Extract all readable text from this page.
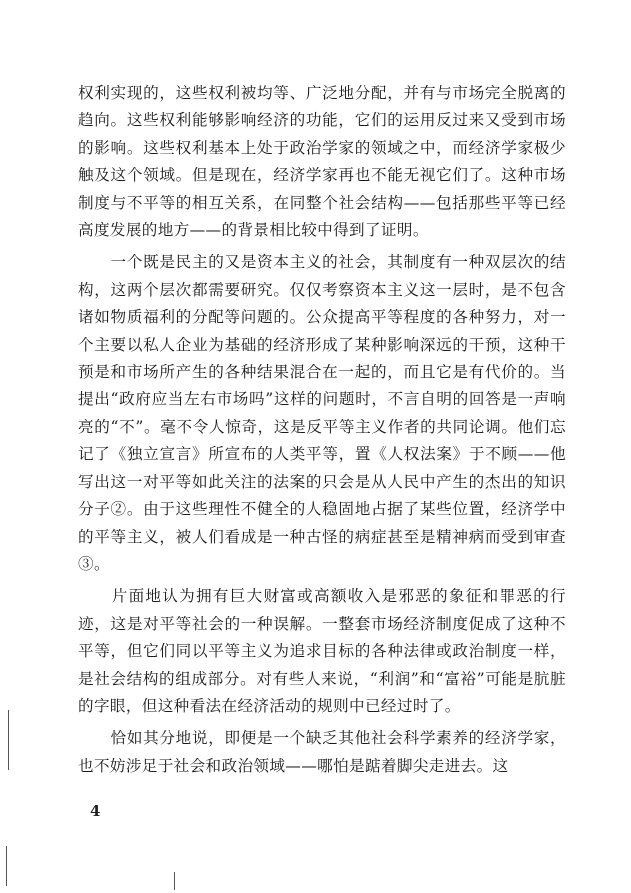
权利实现的，这些权利被均等、广泛地分配，并有与市场完全脱离的趋向。这些权利能够影响经济的功能，它们的运用反过来又受到市场的影响。这些权利基本上处于政治学家的领域之中，而经济学家极少触及这个领域。但是现在，经济学家再也不能无视它们了。这种市场制度与不平等的相互关系，在同整个社会结构——包括那些平等已经高度发展的地方——的背景相比较中得到了证明。

　　一个既是民主的又是资本主义的社会，其制度有一种双层次的结构，这两个层次都需要研究。仅仅考察资本主义这一层时，是不包含诸如物质福利的分配等问题的。公众提高平等程度的各种努力，对一个主要以私人企业为基础的经济形成了某种影响深远的干预，这种干预是和市场所产生的各种结果混合在一起的，而且它是有代价的。当提出“政府应当左右市场吗”这样的问题时，不言自明的回答是一声响亮的“不”。毫不令人惊奇，这是反平等主义作者的共同论调。他们忘记了《独立宣言》所宣布的人类平等，置《人权法案》于不顾——他写出这一对平等如此关注的法案的只会是从人民中产生的杰出的知识分子②。由于这些理性不健全的人稳固地占据了某些位置，经济学中的平等主义，被人们看成是一种古怪的病症甚至是精神病而受到审查③。

　　片面地认为拥有巨大财富或高额收入是邪恶的象征和罪恶的行迹，这是对平等社会的一种误解。一整套市场经济制度促成了这种不平等，但它们同以平等主义为追求目标的各种法律或政治制度一样，是社会结构的组成部分。对有些人来说，“利润”和“富裕”可能是肮脏的字眼，但这种看法在经济活动的规则中已经过时了。

　　恰如其分地说，即便是一个缺乏其他社会科学素养的经济学家，也不妨涉足于社会和政治领域——哪怕是踮着脚尖走进去。这

4
